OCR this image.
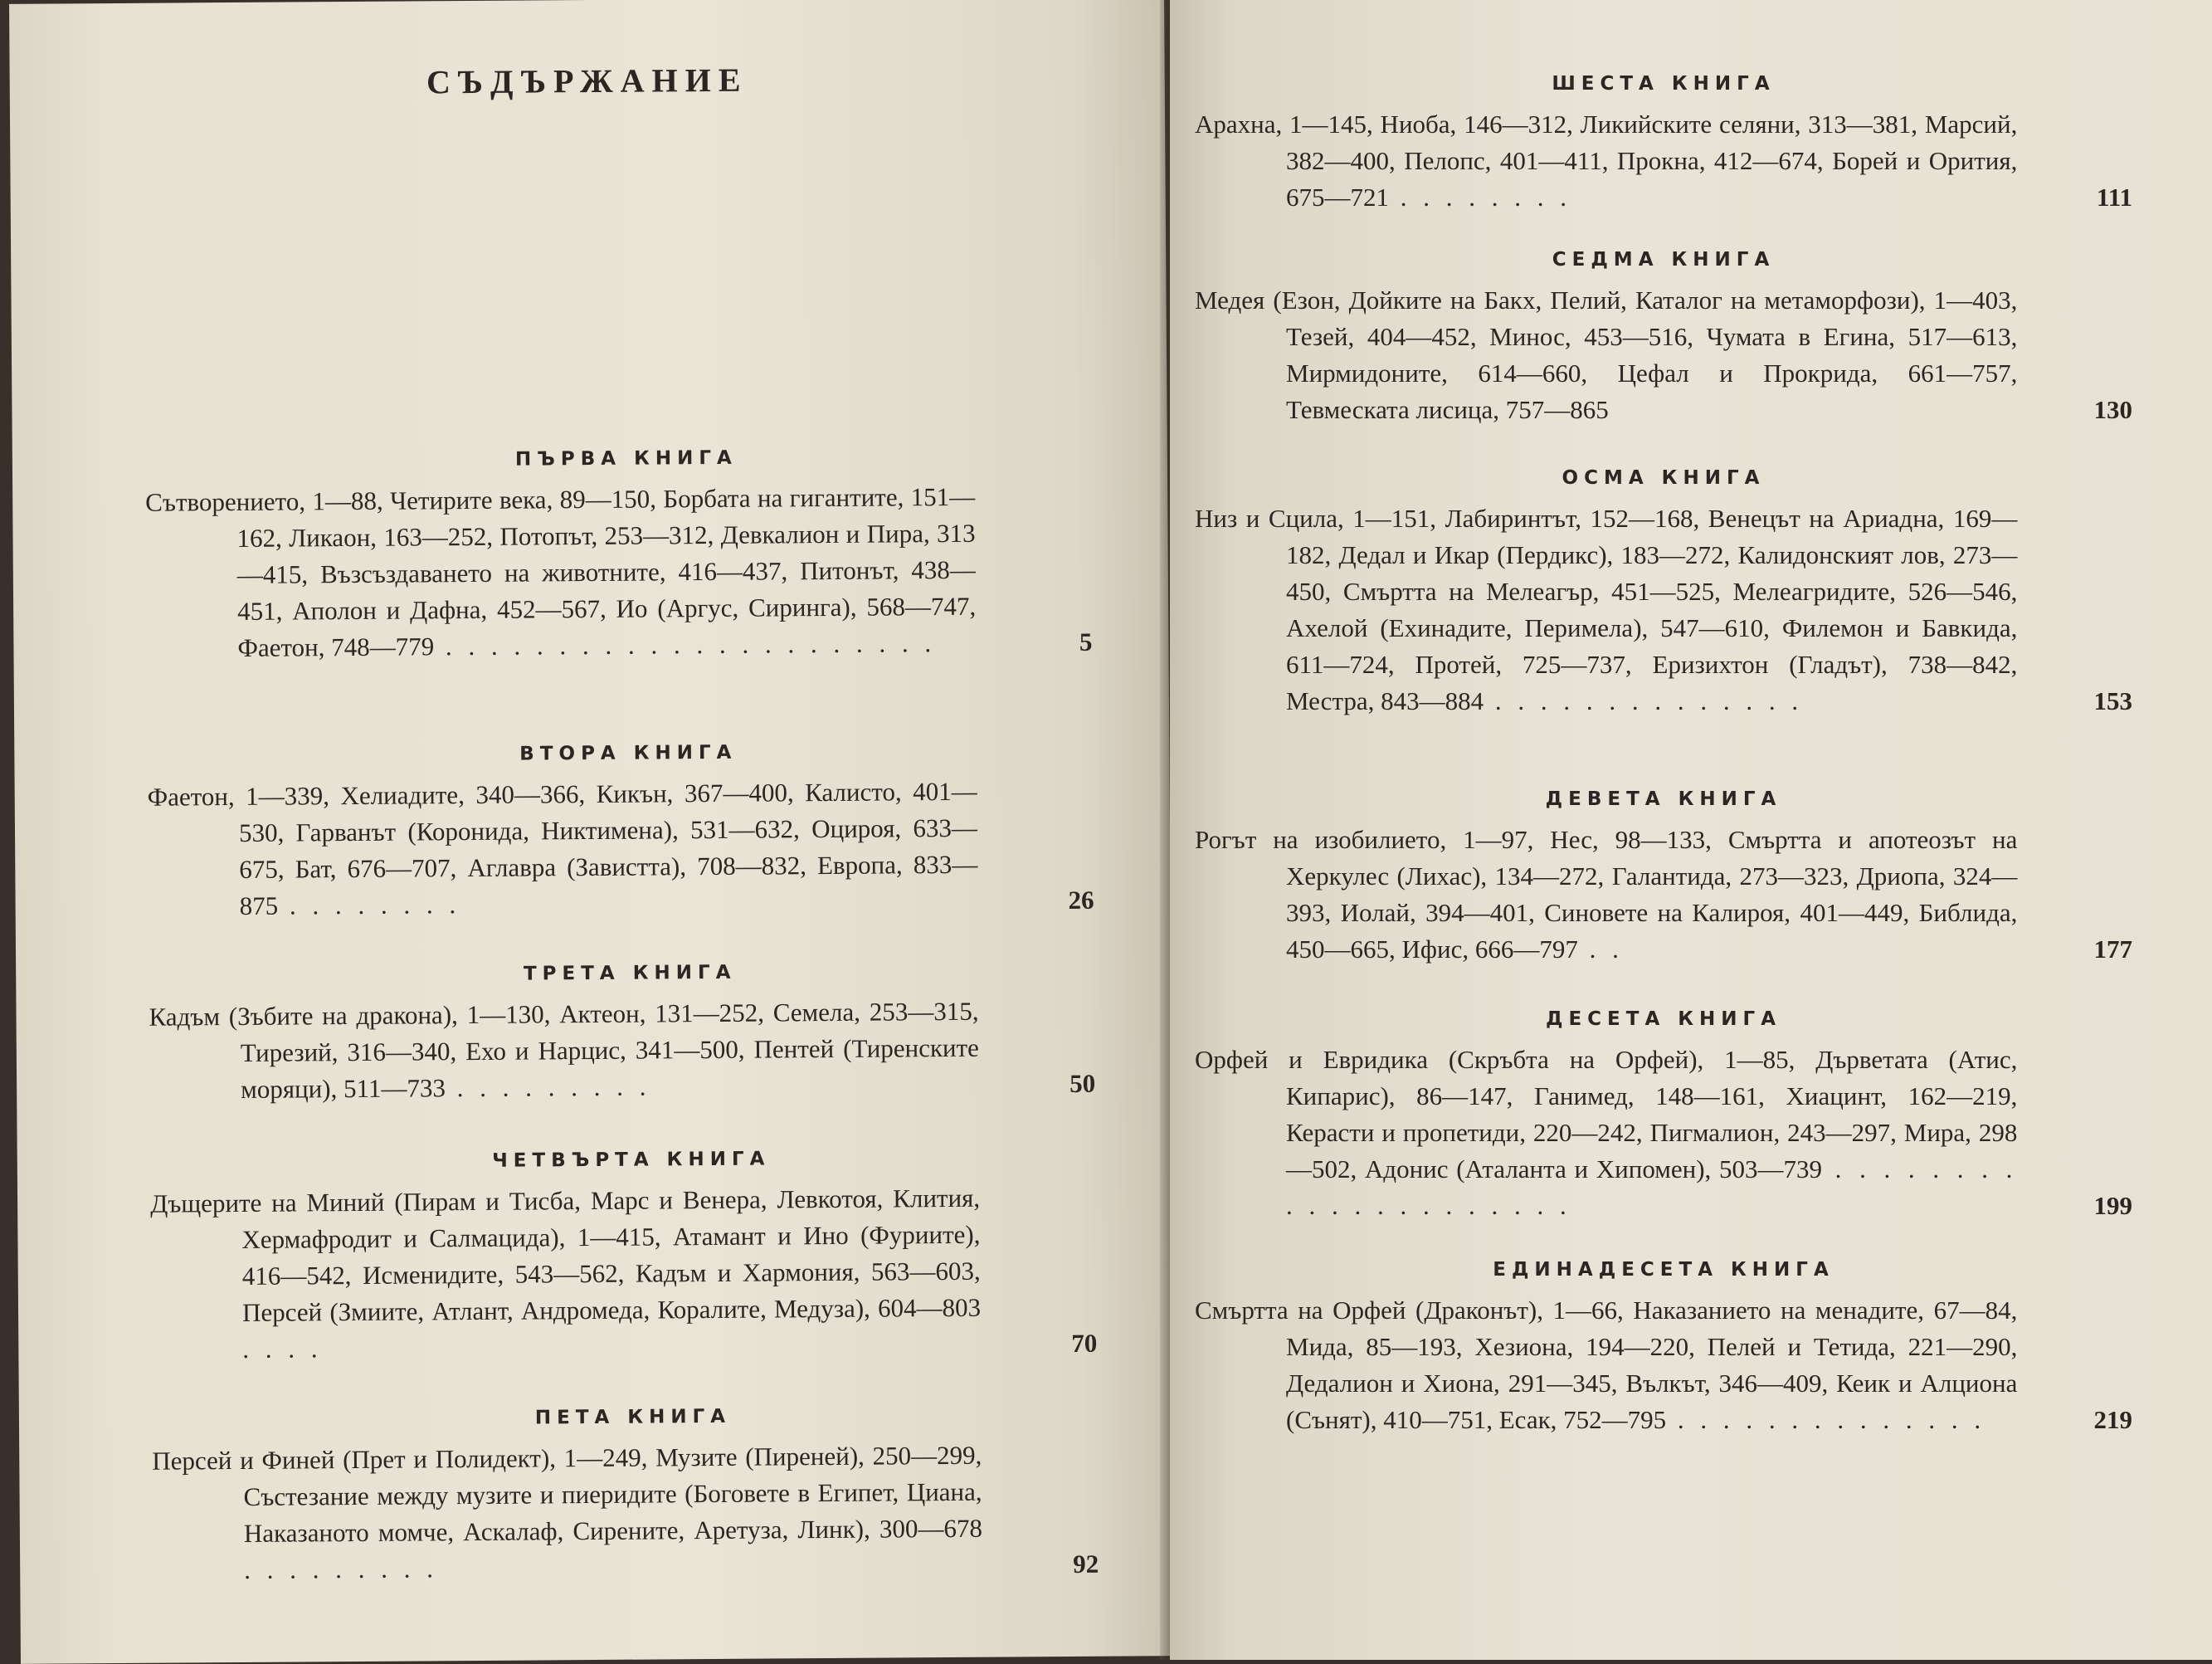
СЪДЪРЖАНИЕ
ПЪРВА КНИГА
Сътворението, 1—88, Четирите века, 89—150, Борбата на гигантите, 151—162, Ликаон, 163—252, Потопът, 253—312, Девкалион и Пира, 313—415, Възсъздаването на животните, 416—437, Питонът, 438—451, Аполон и Дафна, 452—567, Ио (Аргус, Сиринга), 568—747, Фаетон, 748—779 . . . . . . . . . . . . . . . . . . . . . .	5
ВТОРА КНИГА
Фаетон, 1—339, Хелиадите, 340—366, Кикън, 367—400, Калисто, 401—530, Гарванът (Коронида, Никтимена), 531—632, Оцироя, 633—675, Бат, 676—707, Аглавра (Завистта), 708—832, Европа, 833—875 . . . . . . . .	26
ТРЕТА КНИГА
Кадъм (Зъбите на дракона), 1—130, Актеон, 131—252, Семела, 253—315, Тирезий, 316—340, Ехо и Нарцис, 341—500, Пентей (Тиренските моряци), 511—733 . . . . . . . . .	50
ЧЕТВЪРТА КНИГА
Дъщерите на Миний (Пирам и Тисба, Марс и Венера, Левкотоя, Клития, Хермафродит и Салмацида), 1—415, Атамант и Ино (Фуриите), 416—542, Исменидите, 543—562, Кадъм и Хармония, 563—603, Персей (Змиите, Атлант, Андромеда, Коралите, Медуза), 604—803 . . . .	70
ПЕТА КНИГА
Персей и Финей (Прет и Полидект), 1—249, Музите (Пиреней), 250—299, Състезание между музите и пиеридите (Боговете в Египет, Циана, Наказаното момче, Аскалаф, Сирените, Аретуза, Линк), 300—678 . . . . . . . . .	92
ШЕСТА КНИГА
Арахна, 1—145, Ниоба, 146—312, Ликийските селяни, 313—381, Марсий, 382—400, Пелопс, 401—411, Прокна, 412—674, Борей и Орития, 675—721 . . . . . . . .	111
СЕДМА КНИГА
Медея (Езон, Дойките на Бакх, Пелий, Каталог на метаморфози), 1—403, Тезей, 404—452, Минос, 453—516, Чумата в Егина, 517—613, Мирмидоните, 614—660, Цефал и Прокрида, 661—757, Тевмеската лисица, 757—865	130
ОСМА КНИГА
Низ и Сцила, 1—151, Лабиринтът, 152—168, Венецът на Ариадна, 169—182, Дедал и Икар (Пердикс), 183—272, Калидонският лов, 273—450, Смъртта на Мелеагър, 451—525, Мелеагридите, 526—546, Ахелой (Ехинадите, Перимела), 547—610, Филемон и Бавкида, 611—724, Протей, 725—737, Еризихтон (Гладът), 738—842, Местра, 843—884 . . . . . . . . . . . . . .	153
ДЕВЕТА КНИГА
Рогът на изобилието, 1—97, Нес, 98—133, Смъртта и апотеозът на Херкулес (Лихас), 134—272, Галантида, 273—323, Дриопа, 324—393, Иолай, 394—401, Синовете на Калироя, 401—449, Библида, 450—665, Ифис, 666—797 . .	177
ДЕСЕТА КНИГА
Орфей и Евридика (Скръбта на Орфей), 1—85, Дърветата (Атис, Кипарис), 86—147, Ганимед, 148—161, Хиацинт, 162—219, Керасти и пропетиди, 220—242, Пигмалион, 243—297, Мира, 298—502, Адонис (Аталанта и Хипомен), 503—739 . . . . . . . . . . . . . . . . . . . . .	199
ЕДИНАДЕСЕТА КНИГА
Смъртта на Орфей (Драконът), 1—66, Наказанието на менадите, 67—84, Мида, 85—193, Хезиона, 194—220, Пелей и Тетида, 221—290, Дедалион и Хиона, 291—345, Вълкът, 346—409, Кеик и Алциона (Сънят), 410—751, Есак, 752—795 . . . . . . . . . . . . . .	219
